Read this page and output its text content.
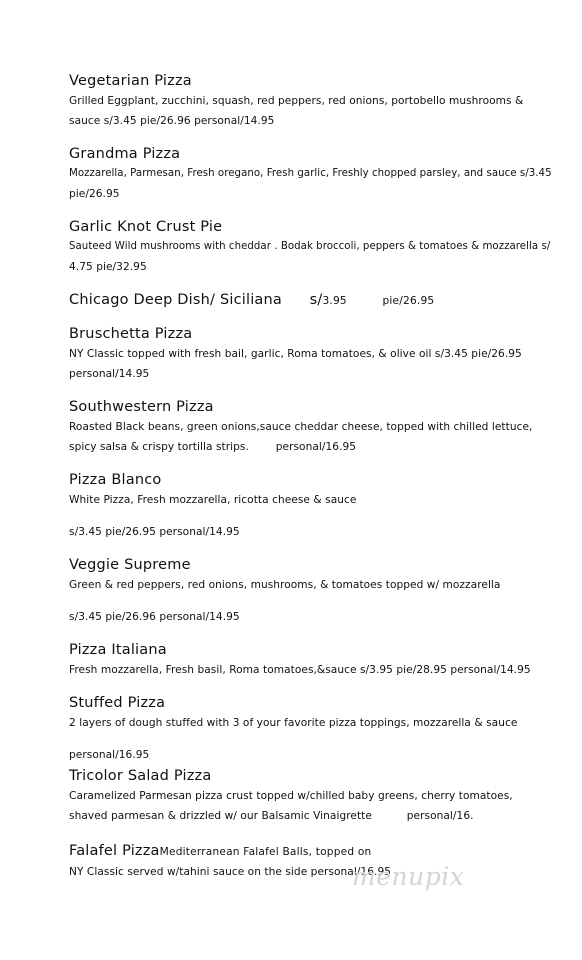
Vegetarian Pizza
Grilled Eggplant, zucchini, squash, red peppers, red onions, portobello mushrooms &
sauce s/3.45 pie/26.96 personal/14.95
Grandma Pizza
Mozzarella, Parmesan, Fresh oregano, Fresh garlic, Freshly chopped parsley, and sauce s/3.45
pie/26.95
Garlic Knot Crust Pie
Sauteed Wild mushrooms with cheddar . Bodak broccoli, peppers & tomatoes & mozzarella s/
4.75 pie/32.95
Chicago Deep Dish/ Siciliana s/3.95	pie/26.95
Bruschetta Pizza
NY Classic topped with fresh bail, garlic, Roma tomatoes, & olive oil s/3.45 pie/26.95
personal/14.95
Southwestern Pizza
Roasted Black beans, green onions,sauce cheddar cheese, topped with chilled lettuce,
spicy salsa & crispy tortilla strips.	personal/16.95
Pizza Blanco
White Pizza, Fresh mozzarella, ricotta cheese & sauce
s/3.45 pie/26.95 personal/14.95
Veggie Supreme
Green & red peppers, red onions, mushrooms, & tomatoes topped w/ mozzarella
s/3.45 pie/26.96 personal/14.95
Pizza Italiana
Fresh mozzarella, Fresh basil, Roma tomatoes,&sauce s/3.95 pie/28.95 personal/14.95
Stuffed Pizza
2 layers of dough stuffed with 3 of your favorite pizza toppings, mozzarella & sauce
personal/16.95
Tricolor Salad Pizza
Caramelized Parmesan pizza crust topped w/chilled baby greens, cherry tomatoes,
shaved parmesan & drizzled w/ our Balsamic Vinaigrette	personal/16.
Falafel PizzaMediterranean Falafel Balls, topped on
NY Classic served w/tahini sauce on the side personal/16.95
menupix
